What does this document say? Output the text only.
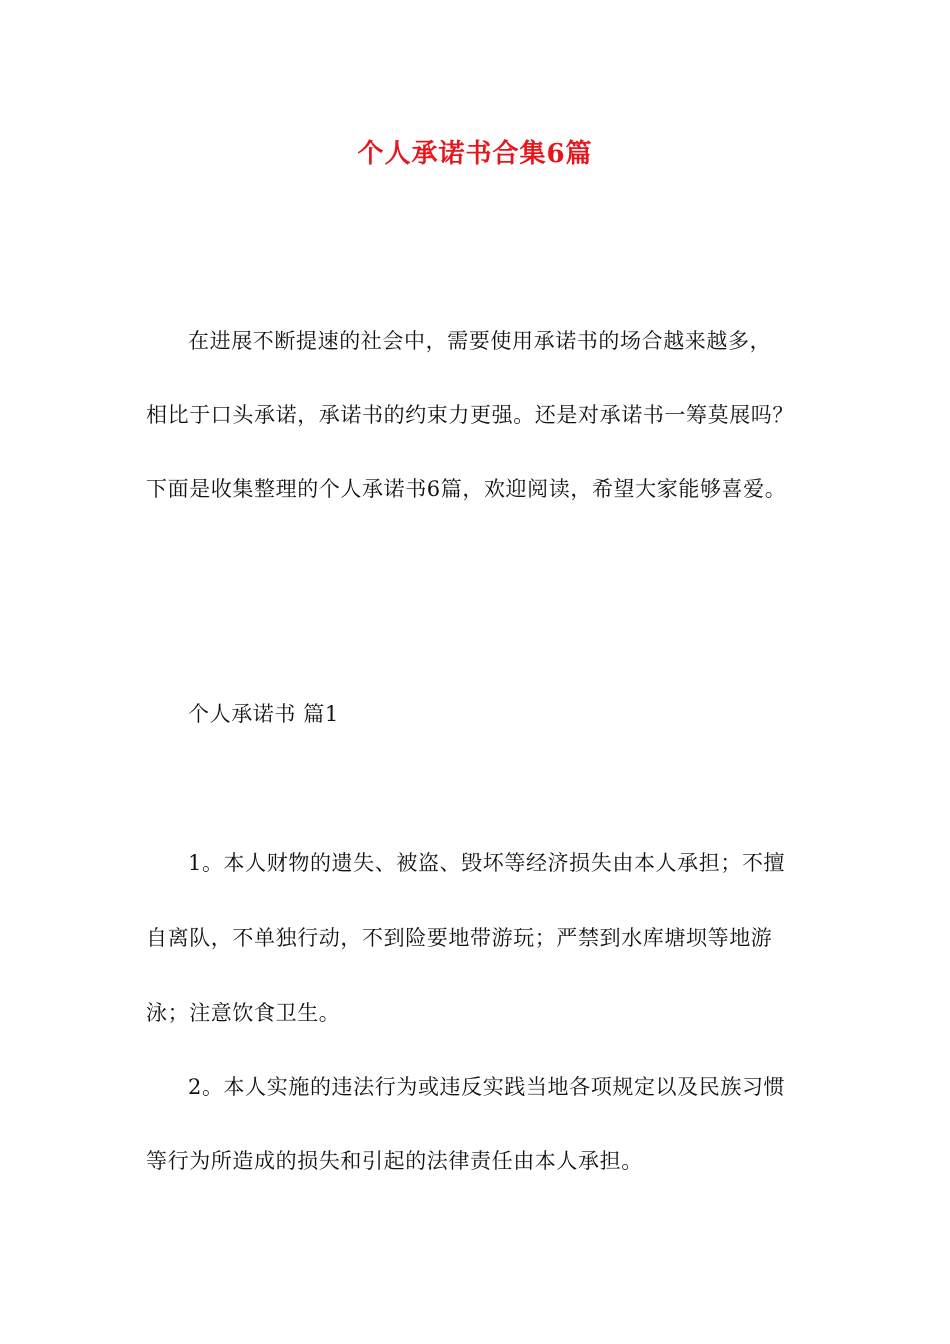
个人承诺书合集6篇
在进展不断提速的社会中，需要使用承诺书的场合越来越多，
相比于口头承诺，承诺书的约束力更强。还是对承诺书一筹莫展吗？
下面是收集整理的个人承诺书6篇，欢迎阅读，希望大家能够喜爱。
个人承诺书 篇1
1。本人财物的遗失、被盗、毁坏等经济损失由本人承担；不擅
自离队，不单独行动，不到险要地带游玩；严禁到水库塘坝等地游
泳；注意饮食卫生。
2。本人实施的违法行为或违反实践当地各项规定以及民族习惯
等行为所造成的损失和引起的法律责任由本人承担。
